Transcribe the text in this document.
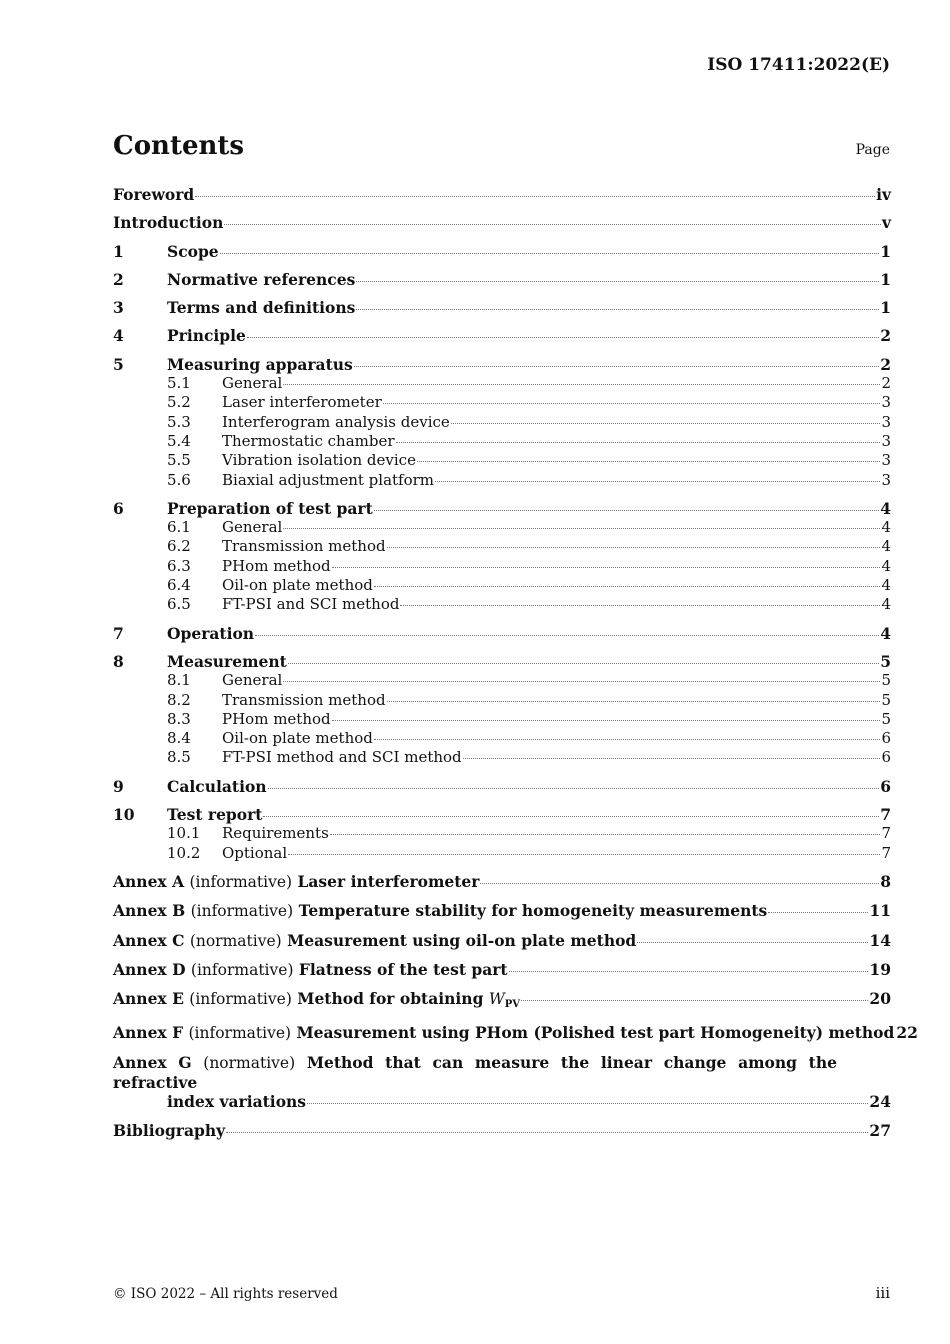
ISO 17411:2022(E)
Contents	Page
Foreword	iv
Introduction	v
1	Scope	1
2	Normative references	1
3	Terms and definitions	1
4	Principle	2
5	Measuring apparatus	2
5.1	General	2
5.2	Laser interferometer	3
5.3	Interferogram analysis device	3
5.4	Thermostatic chamber	3
5.5	Vibration isolation device	3
5.6	Biaxial adjustment platform	3
6	Preparation of test part	4
6.1	General	4
6.2	Transmission method	4
6.3	PHom method	4
6.4	Oil-on plate method	4
6.5	FT-PSI and SCI method	4
7	Operation	4
8	Measurement	5
8.1	General	5
8.2	Transmission method	5
8.3	PHom method	5
8.4	Oil-on plate method	6
8.5	FT-PSI method and SCI method	6
9	Calculation	6
10	Test report	7
10.1	Requirements	7
10.2	Optional	7
Annex A (informative) Laser interferometer	8
Annex B (informative) Temperature stability for homogeneity measurements	11
Annex C (normative) Measurement using oil-on plate method	14
Annex D (informative) Flatness of the test part	19
Annex E (informative) Method for obtaining WPV	20
Annex F (informative) Measurement using PHom (Polished test part Homogeneity) method 22
Annex G (normative) Method that can measure the linear change among the refractive
index variations	24
Bibliography	27
© ISO 2022 – All rights reserved	iii
